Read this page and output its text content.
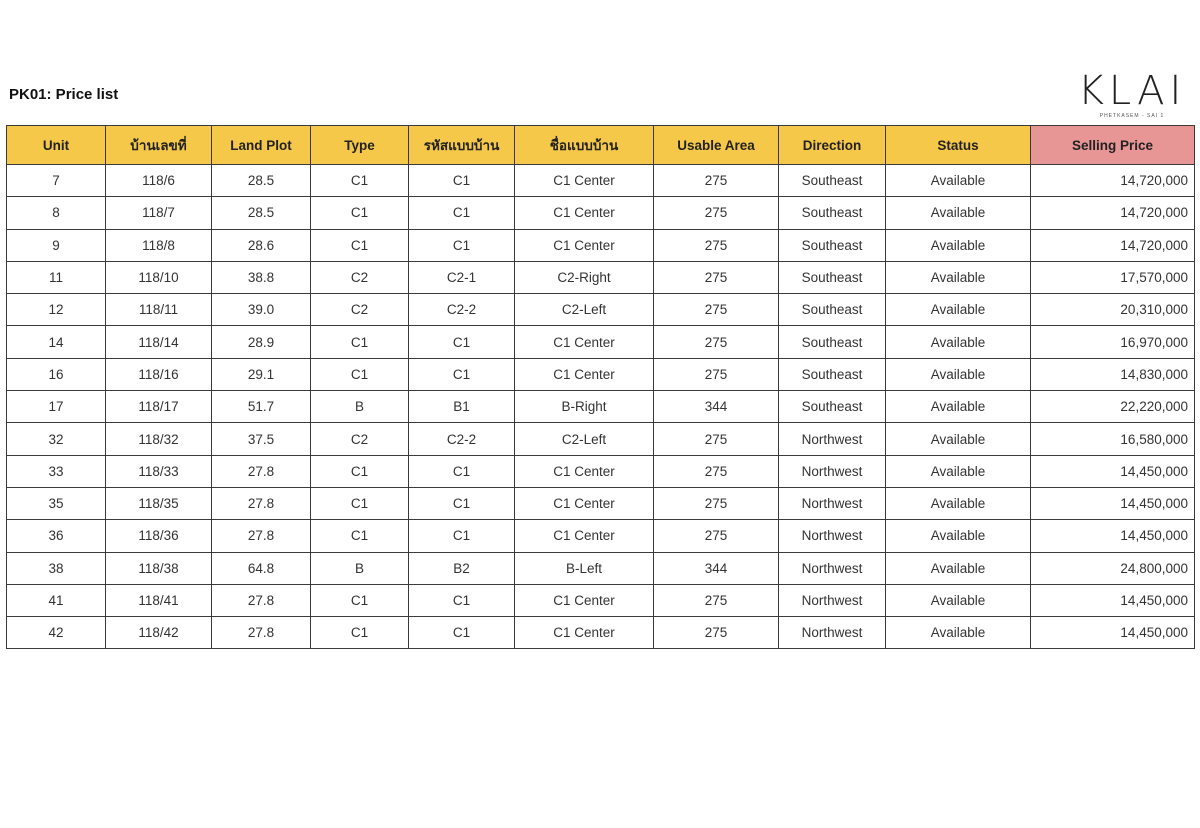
PK01: Price list	KLAI
PHETKASEM - SAI 1
Unit	บ้านเลขที่	Land Plot	Type	รหัสแบบบ้าน	ชื่อแบบบ้าน	Usable Area	Direction	Status	Selling Price
7	118/6	28.5	C1	C1	C1 Center	275	Southeast	Available	14,720,000
8	118/7	28.5	C1	C1	C1 Center	275	Southeast	Available	14,720,000
9	118/8	28.6	C1	C1	C1 Center	275	Southeast	Available	14,720,000
11	118/10	38.8	C2	C2-1	C2-Right	275	Southeast	Available	17,570,000
12	118/11	39.0	C2	C2-2	C2-Left	275	Southeast	Available	20,310,000
14	118/14	28.9	C1	C1	C1 Center	275	Southeast	Available	16,970,000
16	118/16	29.1	C1	C1	C1 Center	275	Southeast	Available	14,830,000
17	118/17	51.7	B	B1	B-Right	344	Southeast	Available	22,220,000
32	118/32	37.5	C2	C2-2	C2-Left	275	Northwest	Available	16,580,000
33	118/33	27.8	C1	C1	C1 Center	275	Northwest	Available	14,450,000
35	118/35	27.8	C1	C1	C1 Center	275	Northwest	Available	14,450,000
36	118/36	27.8	C1	C1	C1 Center	275	Northwest	Available	14,450,000
38	118/38	64.8	B	B2	B-Left	344	Northwest	Available	24,800,000
41	118/41	27.8	C1	C1	C1 Center	275	Northwest	Available	14,450,000
42	118/42	27.8	C1	C1	C1 Center	275	Northwest	Available	14,450,000
